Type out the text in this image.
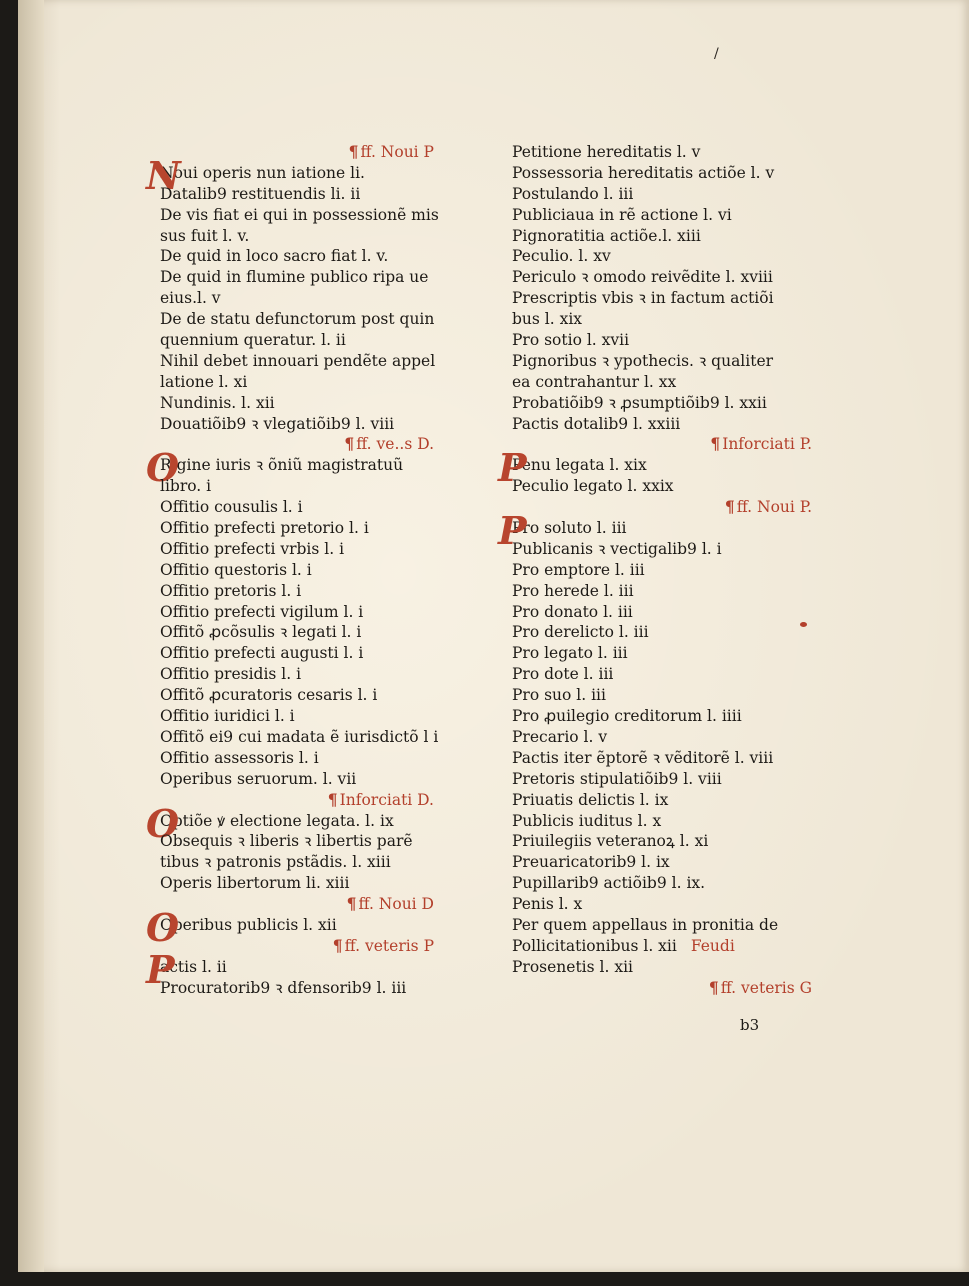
/
¶ ff. Noui P
N
Noui operis nun iatione li.
Datalib9 restituendis li. ii
De vis fiat ei qui in possessionẽ mis
sus fuit l. v.
De quid in loco sacro fiat l. v.
De quid in flumine publico ripa ue
eius.l. v
De de statu defunctorum post quin
quennium queratur. l. ii
Nihil debet innouari pendẽte appel
latione l. xi
Nundinis. l. xii
Douatiõib9 ꝛ vlegatiõib9 l. viii
¶ ff. ve..s D.
O
Rigine iuris ꝛ õniũ magistratuũ
libro. i
Offitio cousulis l. i
Offitio prefecti pretorio l. i
Offitio prefecti vrbis l. i
Offitio questoris l. i
Offitio pretoris l. i
Offitio prefecti vigilum l. i
Offitõ ꝓcõsulis ꝛ legati l. i
Offitio prefecti augusti l. i
Offitio presidis l. i
Offitõ ꝓcuratoris cesaris l. i
Offitio iuridici l. i
Offitõ ei9 cui madata ẽ iurisdictõ l i
Offitio assessoris l. i
Operibus seruorum. l. vii
¶ Inforciati D.
O
Optiõe ꝟ electione legata. l. ix
Obsequis ꝛ liberis ꝛ libertis parẽ
tibus ꝛ patronis pstãdis. l. xiii
Operis libertorum li. xiii
¶ ff. Noui D
O
Operibus publicis l. xii
¶ ff. veteris P
P
actis l. ii
Procuratorib9 ꝛ dfensorib9 l. iii
Petitione hereditatis l. v
Possessoria hereditatis actiõe l. v
Postulando l. iii
Publiciaua in rẽ actione l. vi
Pignoratitia actiõe.l. xiii
Peculio. l. xv
Periculo ꝛ omodo reivẽdite l. xviii
Prescriptis vbis ꝛ in factum actiõi
bus l. xix
Pro sotio l. xvii
Pignoribus ꝛ ypothecis. ꝛ qualiter
ea contrahantur l. xx
Probatiõib9 ꝛ ꝓsumptiõib9 l. xxii
Pactis dotalib9 l. xxiii
¶ Inforciati P.
P
Penu legata l. xix
Peculio legato l. xxix
¶ ff. Noui P.
P
Pro soluto l. iii
Publicanis ꝛ vectigalib9 l. i
Pro emptore l. iii
Pro herede l. iii
Pro donato l. iii
Pro derelicto l. iii
Pro legato l. iii
Pro dote l. iii
Pro suo l. iii
Pro ꝓuilegio creditorum l. iiii
Precario l. v
Pactis iter ẽptorẽ ꝛ vẽditorẽ l. viii
Pretoris stipulatiõib9 l. viii
Priuatis delictis l. ix
Publicis iuditus l. x
Priuilegiis veteranoꝝ l. xi
Preuaricatorib9 l. ix
Pupillarib9 actiõib9 l. ix.
Penis l. x
Per quem appellaus in pronitia de
Pollicitationibus l. xii Feudi
Prosenetis l. xii
¶ ff. veteris G
b3
